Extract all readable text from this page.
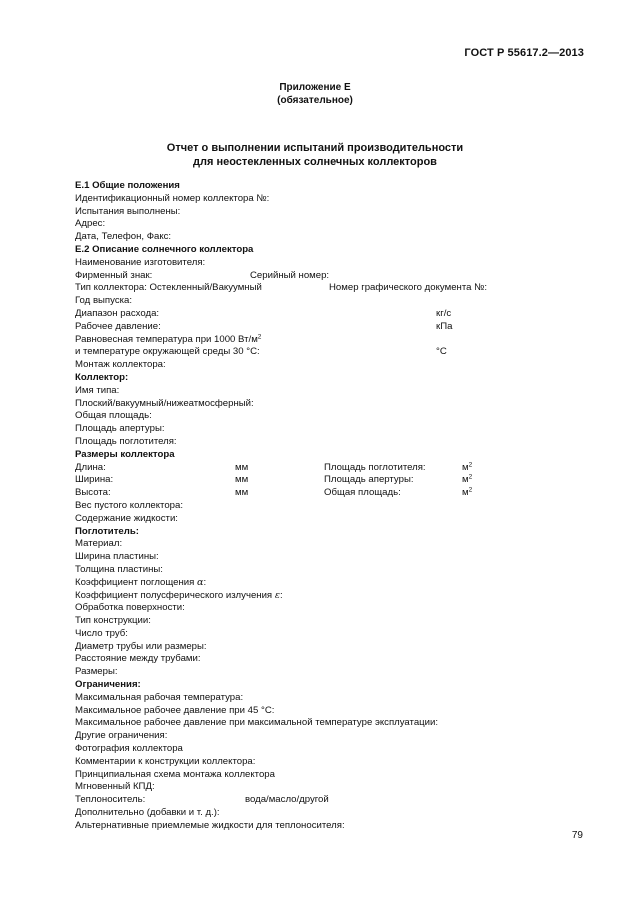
ГОСТ Р 55617.2—2013
Приложение Е
(обязательное)
Отчет о выполнении испытаний производительности
для неостекленных солнечных коллекторов
Е.1 Общие положения
Идентификационный номер коллектора №:
Испытания выполнены:
Адрес:
Дата, Телефон, Факс:
Е.2 Описание солнечного коллектора
Наименование изготовителя:
Фирменный знак:	Серийный номер:
Тип коллектора: Остекленный/Вакуумный	Номер графического документа №:
Год выпуска:
Диапазон расхода:	кг/с
Рабочее давление:	кПа
Равновесная температура при 1000 $Вт/м^2$
и температуре окружающей среды 30 °С:	°С
Монтаж коллектора:
Коллектор:
Имя типа:
Плоский/вакуумный/нижеатмосферный:
Общая площадь:
Площадь апертуры:
Площадь поглотителя:
Размеры коллектора
Длина:	мм	Площадь поглотителя:	$м^2$
Ширина:	мм	Площадь апертуры:	$м^2$
Высота:	мм	Общая площадь:	$м^2$
Вес пустого коллектора:
Содержание жидкости:
Поглотитель:
Материал:
Ширина пластины:
Толщина пластины:
Коэффициент поглощения α:
Коэффициент полусферического излучения ε:
Обработка поверхности:
Тип конструкции:
Число труб:
Диаметр трубы или размеры:
Расстояние между трубами:
Размеры:
Ограничения:
Максимальная рабочая температура:
Максимальное рабочее давление при 45 °С:
Максимальное рабочее давление при максимальной температуре эксплуатации:
Другие ограничения:
Фотография коллектора
Комментарии к конструкции коллектора:
Принципиальная схема монтажа коллектора
Мгновенный КПД:
Теплоноситель:	вода/масло/другой
Дополнительно (добавки и т. д.):
Альтернативные приемлемые жидкости для теплоносителя:
79
